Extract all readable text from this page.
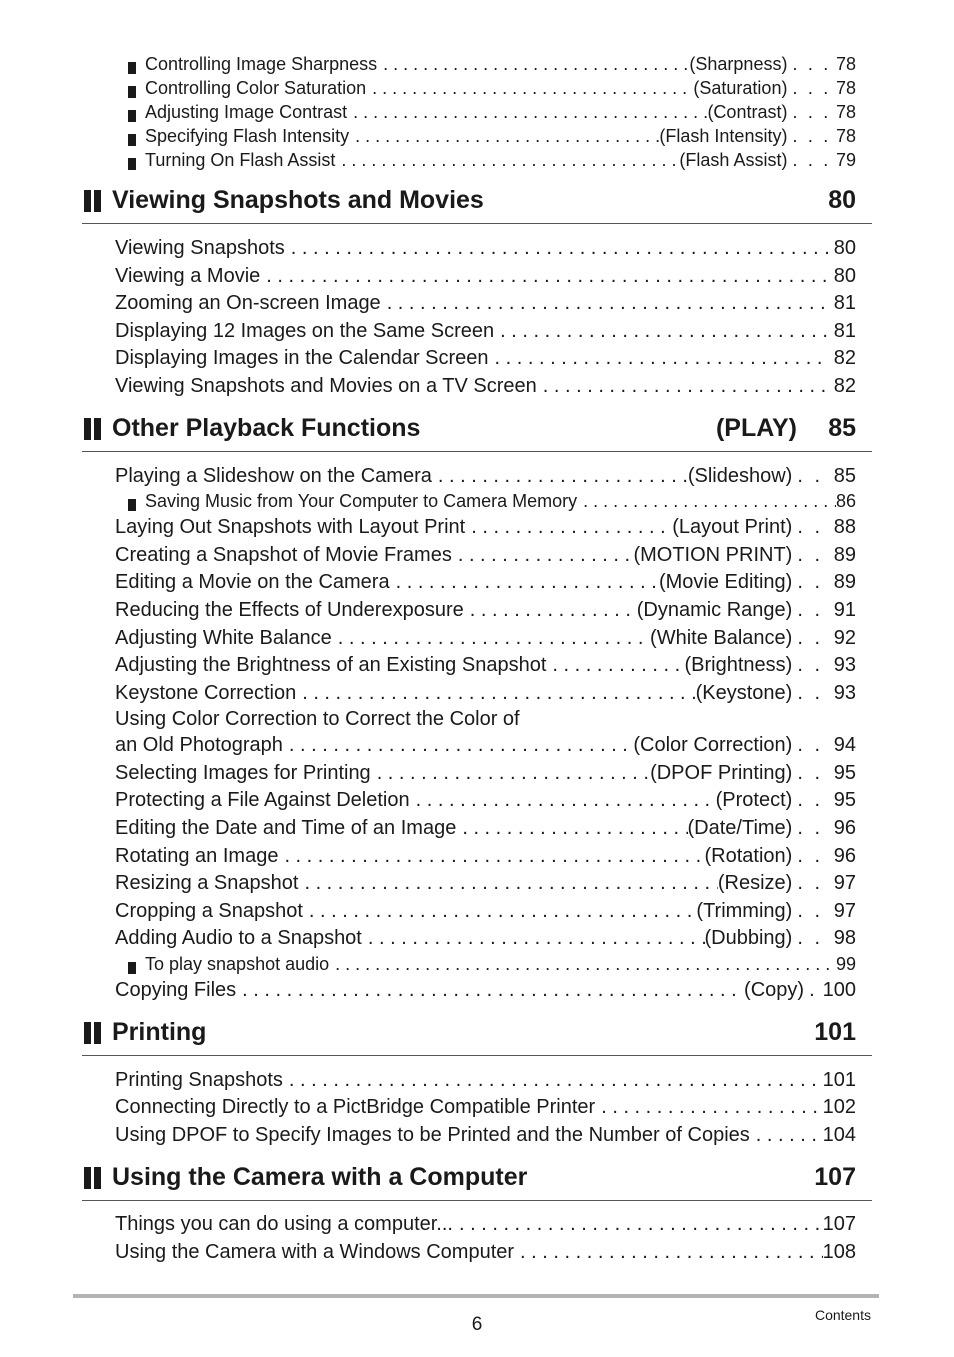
Controlling Image Sharpness . . .	(Sharpness) . . . 78
Controlling Color Saturation . . .	(Saturation) . . . 78
Adjusting Image Contrast . . .	(Contrast) . . . 78
Specifying Flash Intensity . . .	(Flash Intensity) . . . 78
Turning On Flash Assist . . .	(Flash Assist) . . . 79
Viewing Snapshots and Movies	80
Viewing Snapshots . . .	80
Viewing a Movie . . .	80
Zooming an On-screen Image . . .	81
Displaying 12 Images on the Same Screen . . .	81
Displaying Images in the Calendar Screen . . .	82
Viewing Snapshots and Movies on a TV Screen . . .	82
Other Playback Functions	(PLAY) 85
Playing a Slideshow on the Camera . . .	(Slideshow) . . 85
Saving Music from Your Computer to Camera Memory . . .	86
Laying Out Snapshots with Layout Print . . .	(Layout Print) . . 88
Creating a Snapshot of Movie Frames . . .	(MOTION PRINT) . . 89
Editing a Movie on the Camera . . .	(Movie Editing) . . 89
Reducing the Effects of Underexposure . . .	(Dynamic Range) . . 91
Adjusting White Balance . . .	(White Balance) . . 92
Adjusting the Brightness of an Existing Snapshot . . .	(Brightness) . . 93
Keystone Correction . . .	(Keystone) . . 93
Using Color Correction to Correct the Color of
an Old Photograph . . .	(Color Correction) . . 94
Selecting Images for Printing . . .	(DPOF Printing) . . 95
Protecting a File Against Deletion . . .	(Protect) . . 95
Editing the Date and Time of an Image . . .	(Date/Time) . . 96
Rotating an Image . . .	(Rotation) . . 96
Resizing a Snapshot . . .	(Resize) . . 97
Cropping a Snapshot . . .	(Trimming) . . 97
Adding Audio to a Snapshot . . .	(Dubbing) . . 98
To play snapshot audio . . .	99
Copying Files . . .	(Copy) . 100
Printing	101
Printing Snapshots . . .	101
Connecting Directly to a PictBridge Compatible Printer . . .	102
Using DPOF to Specify Images to be Printed and the Number of Copies . . .	104
Using the Camera with a Computer	107
Things you can do using a computer... . . .	107
Using the Camera with a Windows Computer . . .	108
6	Contents
